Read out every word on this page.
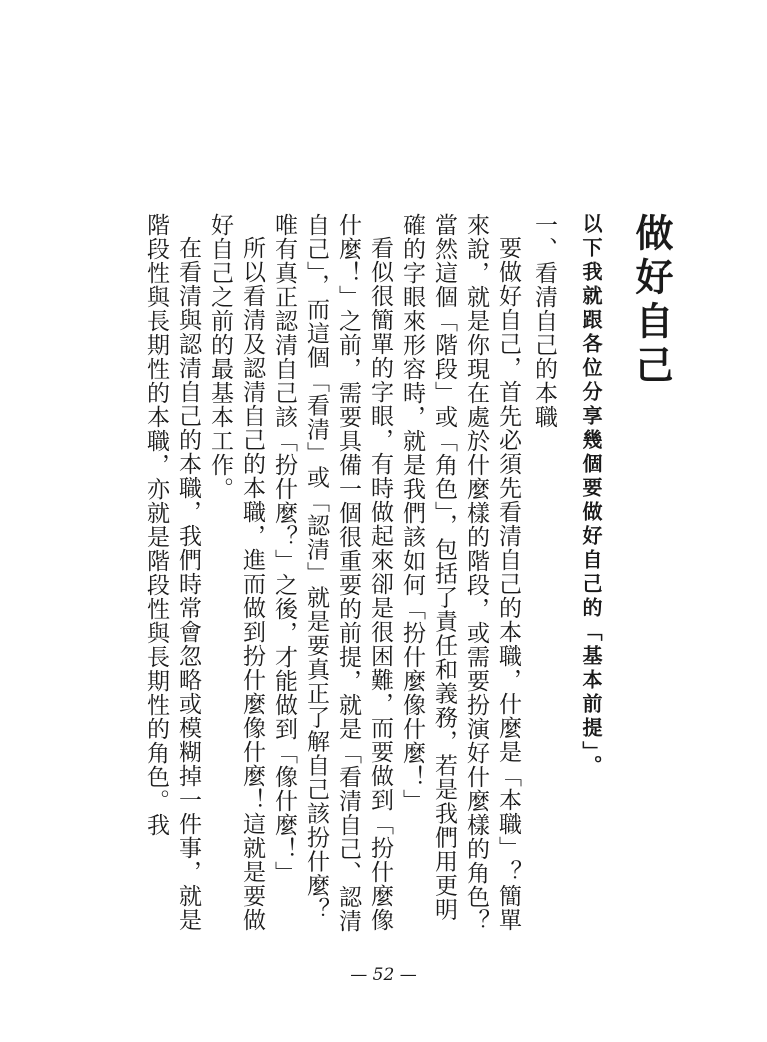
做好自己
以下我就跟各位分享幾個要做好自己的「基本前提」。
一、看清自己的本職

要做好自己，首先必須先看清自己的本職，什麼是「本職」？簡單來說，就是你現在處於什麼樣的階段，或需要扮演好什麼樣的角色？當然這個「階段」或「角色」，包括了責任和義務，若是我們用更明確的字眼來形容時，就是我們該如何「扮什麼像什麼！」

看似很簡單的字眼，有時做起來卻是很困難，而要做到「扮什麼像什麼！」之前，需要具備一個很重要的前提，就是「看清自己、認清自己」，而這個「看清」或「認清」就是要真正了解自己該扮什麼？唯有真正認清自己該「扮什麼？」之後，才能做到「像什麼！」

所以看清及認清自己的本職，進而做到扮什麼像什麼！這就是要做好自己之前的最基本工作。

在看清與認清自己的本職，我們時常會忽略或模糊掉一件事，就是階段性與長期性的本職，亦就是階段性與長期性的角色。我

— 52 —
